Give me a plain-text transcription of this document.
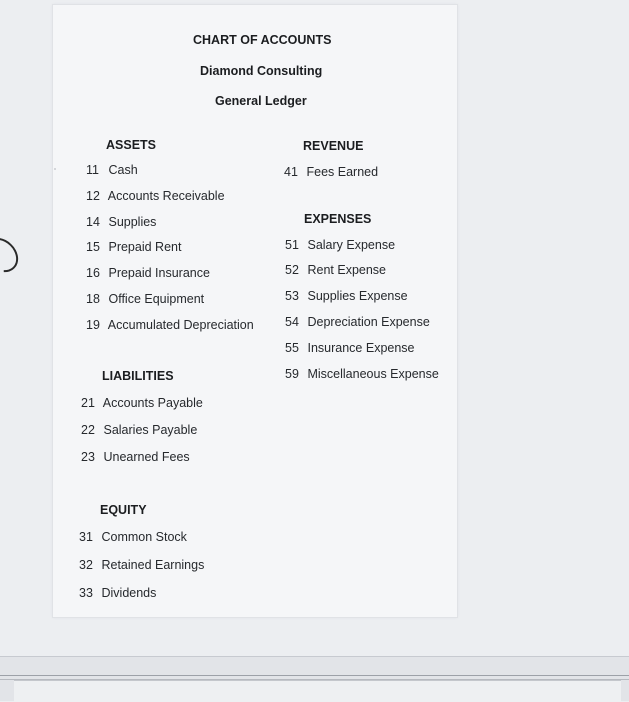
CHART OF ACCOUNTS
Diamond Consulting
General Ledger
ASSETS
11 Cash
12 Accounts Receivable
14 Supplies
15 Prepaid Rent
16 Prepaid Insurance
18 Office Equipment
19 Accumulated Depreciation
LIABILITIES
21 Accounts Payable
22 Salaries Payable
23 Unearned Fees
EQUITY
31 Common Stock
32 Retained Earnings
33 Dividends
REVENUE
41 Fees Earned
EXPENSES
51 Salary Expense
52 Rent Expense
53 Supplies Expense
54 Depreciation Expense
55 Insurance Expense
59 Miscellaneous Expense
